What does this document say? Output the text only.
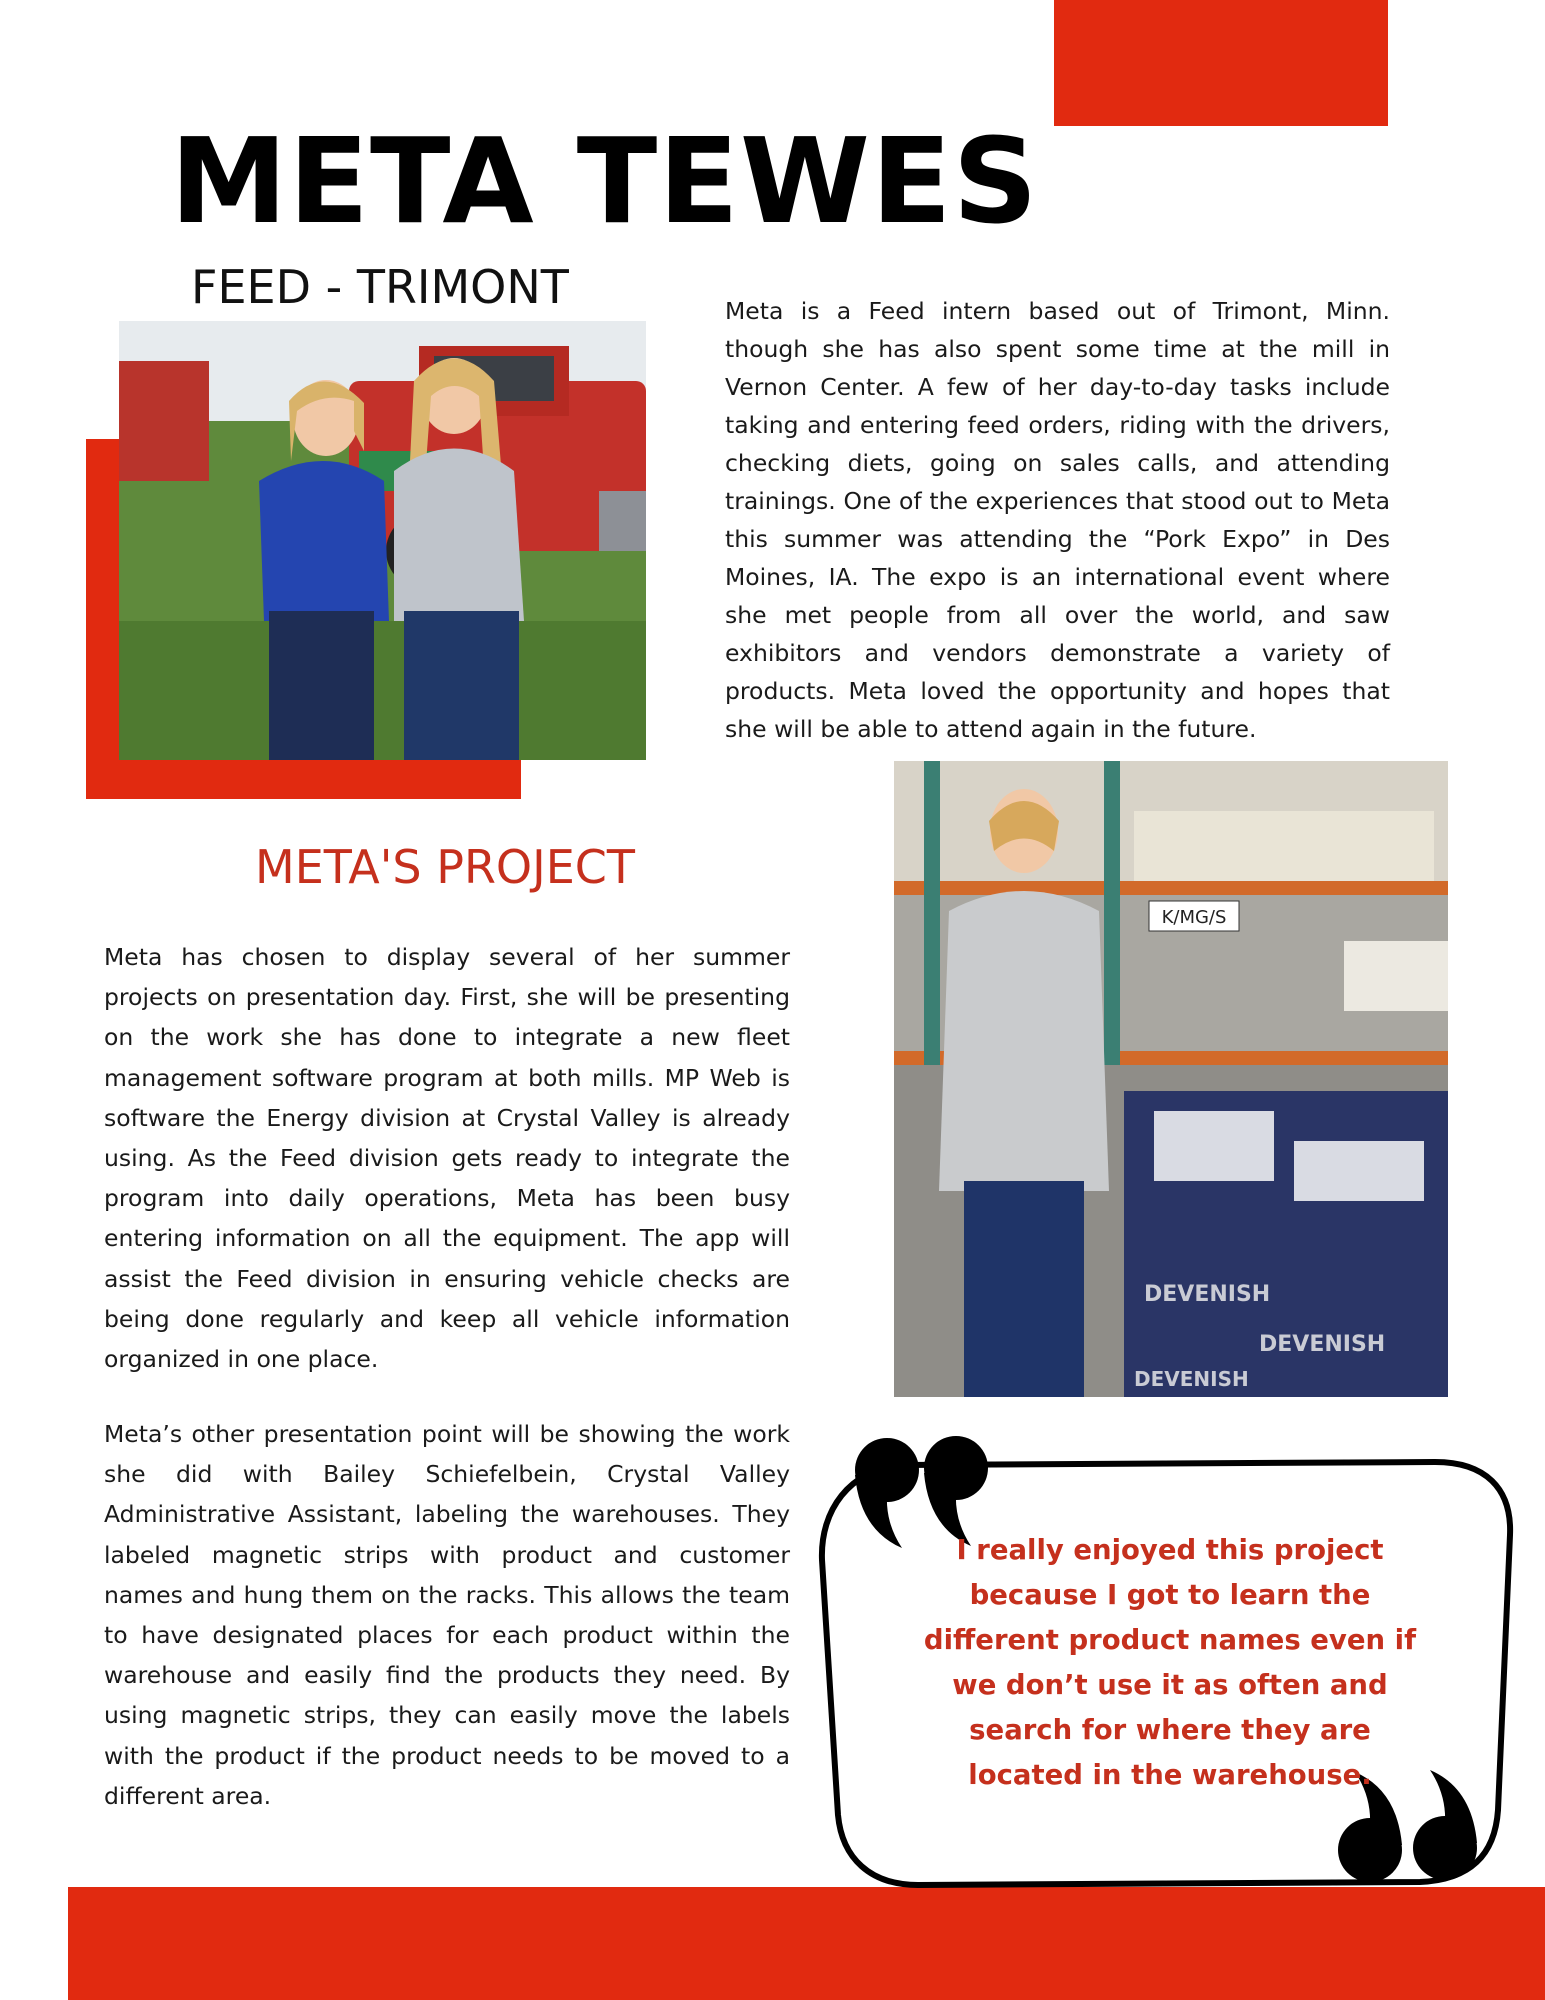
META TEWES
FEED - TRIMONT	Meta is a Feed intern based out of Trimont, Minn. though she has also spent some time at the mill in Vernon Center. A few of her day-to-day tasks include taking and entering feed orders, riding with the drivers, checking diets, going on sales calls, and attending trainings. One of the experiences that stood out to Meta this summer was attending the “Pork Expo” in Des Moines, IA. The expo is an international event where she met people from all over the world, and saw exhibitors and vendors demonstrate a variety of products. Meta loved the opportunity and hopes that she will be able to attend again in the future.

META'S PROJECT

Meta has chosen to display several of her summer projects on presentation day. First, she will be presenting on the work she has done to integrate a new fleet management software program at both mills. MP Web is software the Energy division at Crystal Valley is already using. As the Feed division gets ready to integrate the program into daily operations, Meta has been busy entering information on all the equipment. The app will assist the Feed division in ensuring vehicle checks are being done regularly and keep all vehicle information organized in one place.

Meta’s other presentation point will be showing the work she did with Bailey Schiefelbein, Crystal Valley Administrative Assistant, labeling the warehouses. They labeled magnetic strips with product and customer names and hung them on the racks. This allows the team to have designated places for each product within the warehouse and easily find the products they need. By using magnetic strips, they can easily move the labels with the product if the product needs to be moved to a different area.

K/MG/S
DEVENISH
DEVENISH
DEVENISH

I really enjoyed this project because I got to learn the different product names even if we don’t use it as often and search for where they are located in the warehouse.
